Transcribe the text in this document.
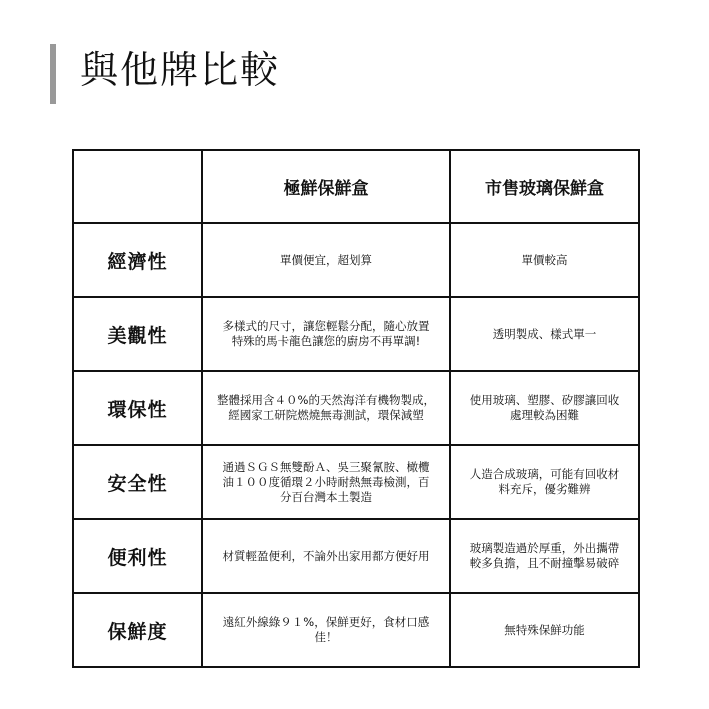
與他牌比較
	極鮮保鮮盒	市售玻璃保鮮盒
經濟性	單價便宜，超划算	單價較高
美觀性	多樣式的尺寸，讓您輕鬆分配，隨心放置特殊的馬卡龍色讓您的廚房不再單調!	透明製成、樣式單一
環保性	整體採用含４０%的天然海洋有機物製成，經國家工研院燃燒無毒測試，環保減塑	使用玻璃、塑膠、矽膠讓回收處理較為困難
安全性	通過ＳＧＳ無雙酚Ａ、吳三聚氰胺、橄欖油１００度循環２小時耐熱無毒檢測，百分百台灣本土製造	人造合成玻璃，可能有回收材料充斥，優劣難辨
便利性	材質輕盈便利，不論外出家用都方便好用	玻璃製造過於厚重，外出攜帶較多負擔，且不耐撞擊易破碎
保鮮度	遠紅外線綠９１%，保鮮更好，食材口感佳！	無特殊保鮮功能
